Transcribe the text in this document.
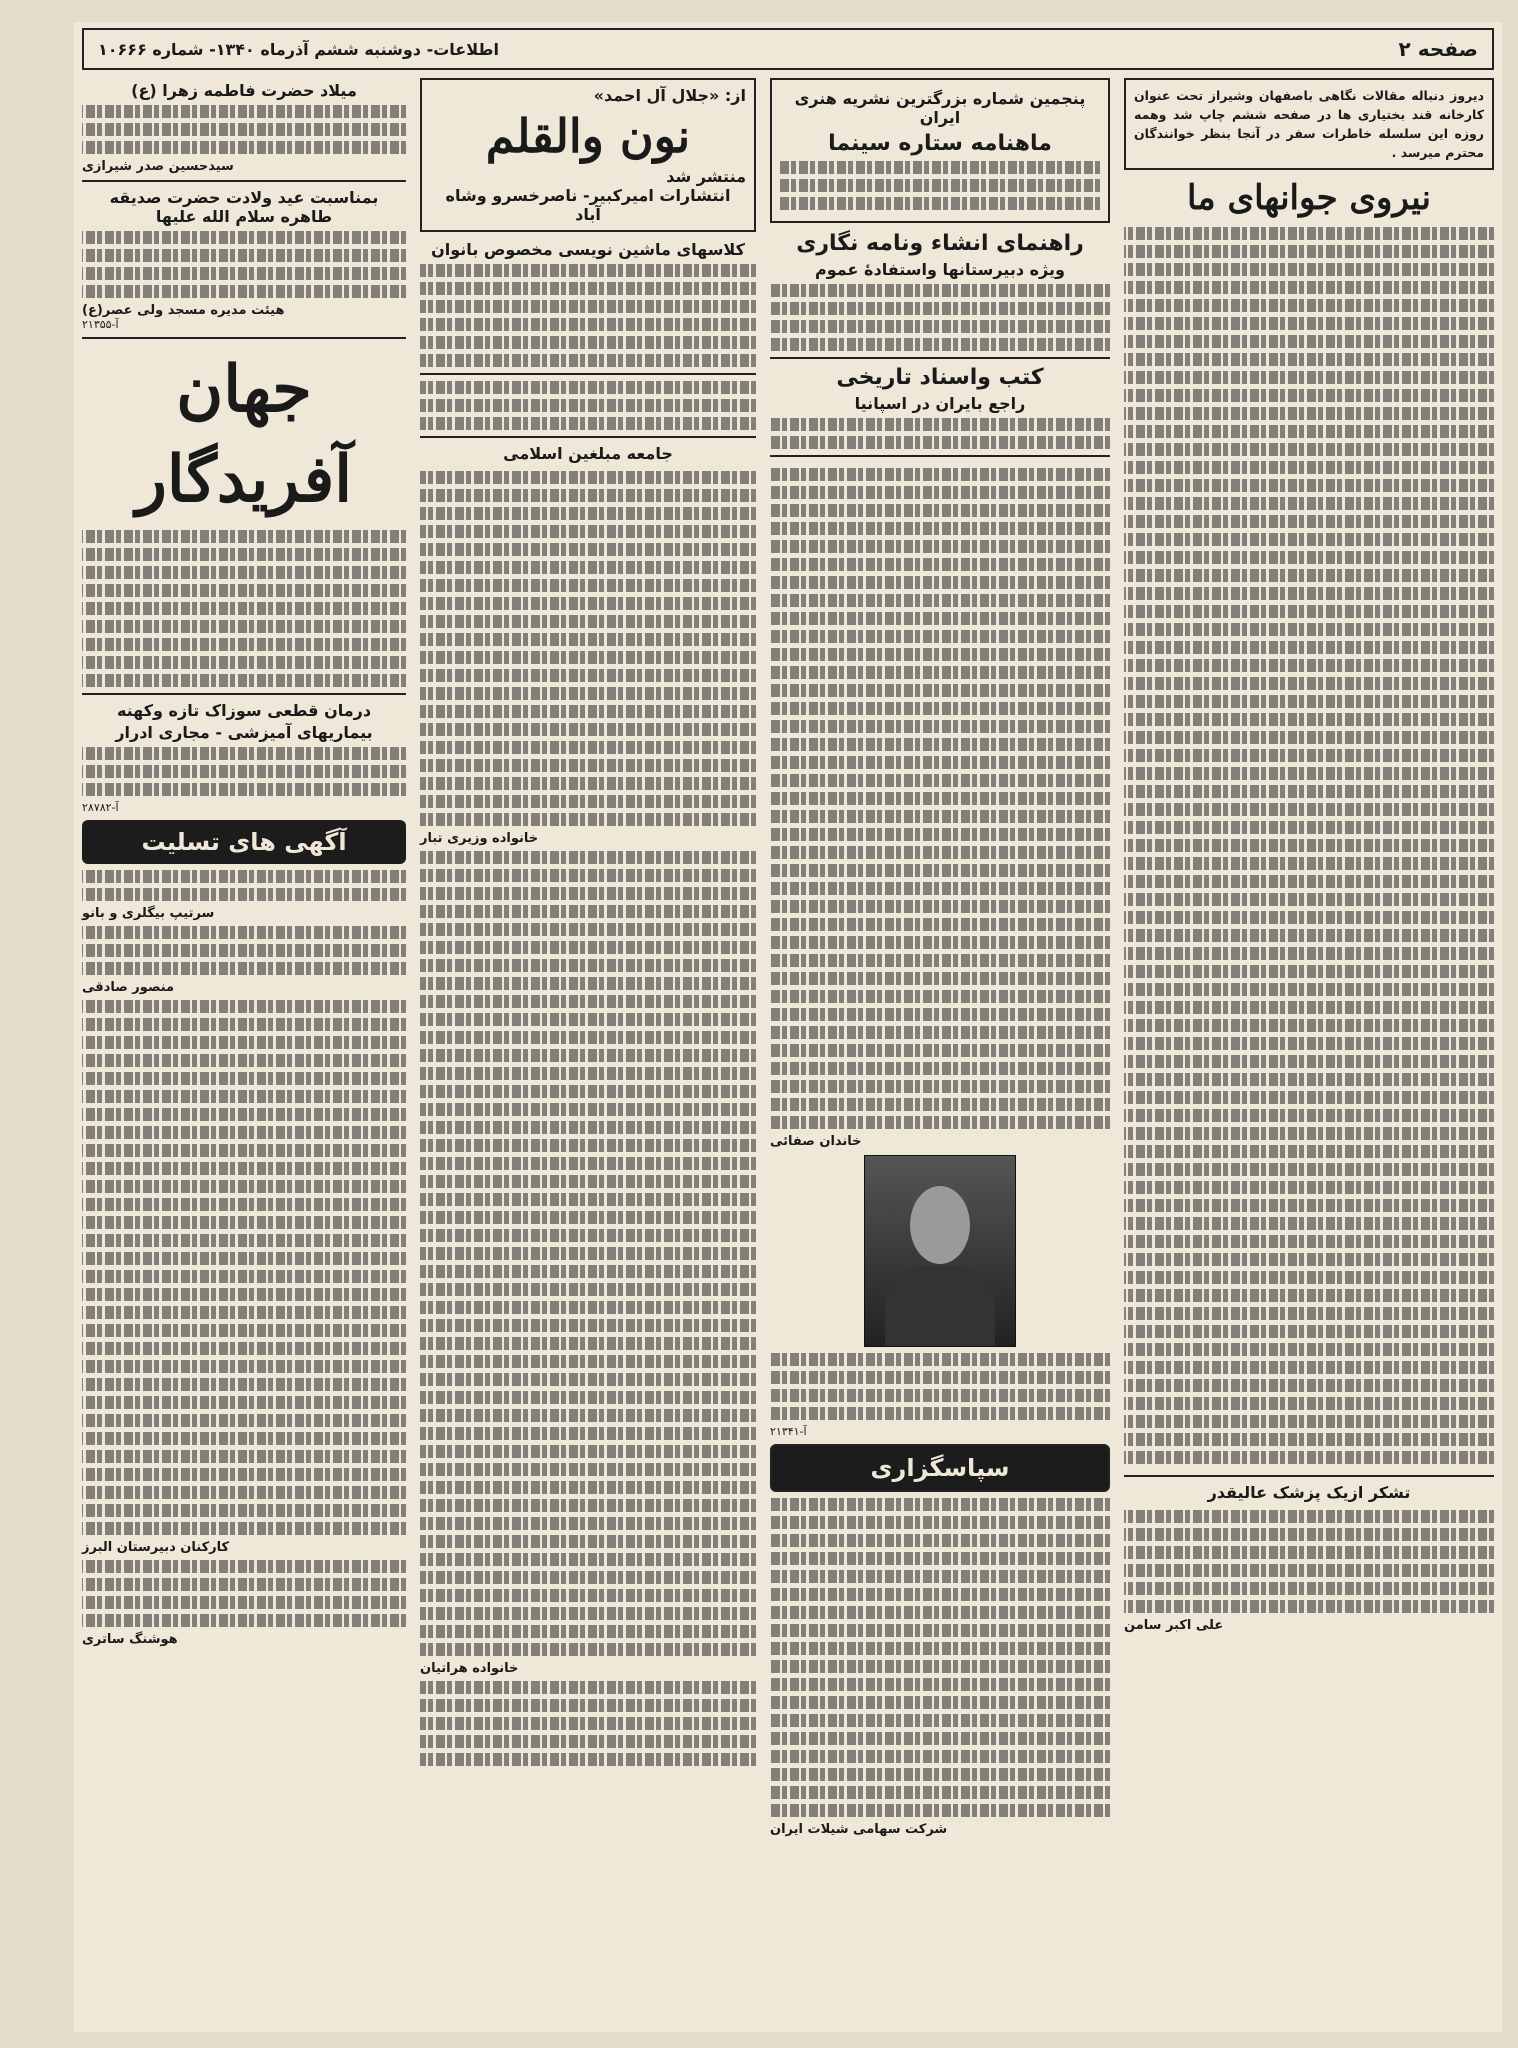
صفحه ۲
اطلاعات- دوشنبه ششم آذرماه ۱۳۴۰- شماره ۱۰۶۶۶

دیروز دنباله مقالات نگاهی باصفهان وشیراز تحت عنوان کارخانه قند بختیاری ها در صفحه ششم چاپ شد وهمه روزه این سلسله خاطرات سفر در آنجا بنظر خوانندگان محترم میرسد .

نیروی جوانهای ما
تشکر ازیک پزشک عالیقدر
علی اکبر سامن
پنجمین شماره بزرگترین نشریه هنری ایران
ماهنامه ستاره سینما
راهنمای انشاء ونامه نگاری
ویژه دبیرستانها واستفادهٔ عموم
کتب واسناد تاریخی
راجع بایران در اسپانیا
خاندان صفائی
آ-۲۱۳۴۱
سپاسگزاری
شرکت سهامی شیلات ایران
از: «جلال آل احمد»
نون والقلم
منتشر شد
انتشارات امیرکبیر- ناصرخسرو وشاه آباد
کلاسهای ماشین نویسی مخصوص بانوان
جامعه مبلغین اسلامی
خانواده وزیری تبار
خانواده هراتیان
میلاد حضرت فاطمه زهرا (ع)
سیدحسین صدر شیرازی
بمناسبت عید ولادت حضرت صدیقه طاهره سلام الله علیها
هیئت مدیره مسجد ولی عصر(ع)
آ-۲۱۳۵۵
جهان آفریدگار
درمان قطعی سوزاک تازه وکهنه
بیماریهای آمیزشی - مجاری ادرار
آ-۲۸۷۸۲
آگهی های تسلیت
سرتیپ بیگلری و بانو
منصور صادقی
کارکنان دبیرستان البرز
هوشنگ ساتری
